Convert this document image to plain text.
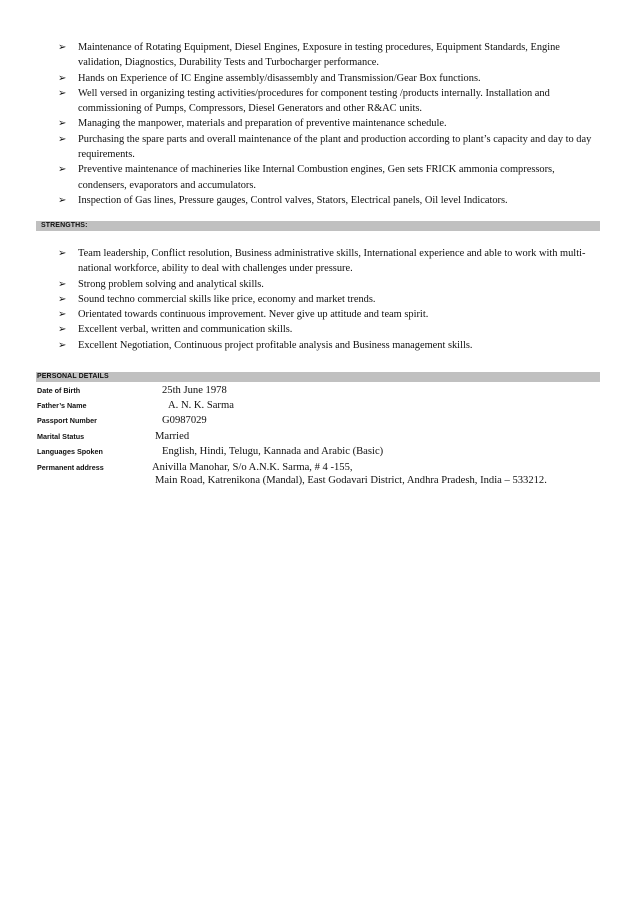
➢ Maintenance of Rotating Equipment, Diesel Engines, Exposure in testing procedures, Equipment Standards, Engine validation, Diagnostics, Durability Tests and Turbocharger performance.
➢ Hands on Experience of IC Engine assembly/disassembly and Transmission/Gear Box functions.
➢ Well versed in organizing testing activities/procedures for component testing /products internally. Installation and commissioning of Pumps, Compressors, Diesel Generators and other R&AC units.
➢ Managing the manpower, materials and preparation of preventive maintenance schedule.
➢ Purchasing the spare parts and overall maintenance of the plant and production according to plant’s capacity and day to day requirements.
➢ Preventive maintenance of machineries like Internal Combustion engines, Gen sets FRICK ammonia compressors, condensers, evaporators and accumulators.
➢ Inspection of Gas lines, Pressure gauges, Control valves, Stators, Electrical panels, Oil level Indicators.
STRENGTHS:
➢ Team leadership, Conflict resolution, Business administrative skills, International experience and able to work with multi-national workforce, ability to deal with challenges under pressure.
➢ Strong problem solving and analytical skills.
➢ Sound techno commercial skills like price, economy and market trends.
➢ Orientated towards continuous improvement. Never give up attitude and team spirit.
➢ Excellent verbal, written and communication skills.
➢ Excellent Negotiation, Continuous project profitable analysis and Business management skills.
PERSONAL DETAILS
Date of Birth	25th June 1978
Father’s Name	A. N. K. Sarma
Passport Number	G0987029
Marital Status	Married
Languages Spoken	English, Hindi, Telugu, Kannada and Arabic (Basic)
Permanent address	Anivilla Manohar, S/o A.N.K. Sarma, # 4 -155,
Main Road, Katrenikona (Mandal), East Godavari District, Andhra Pradesh, India – 533212.
